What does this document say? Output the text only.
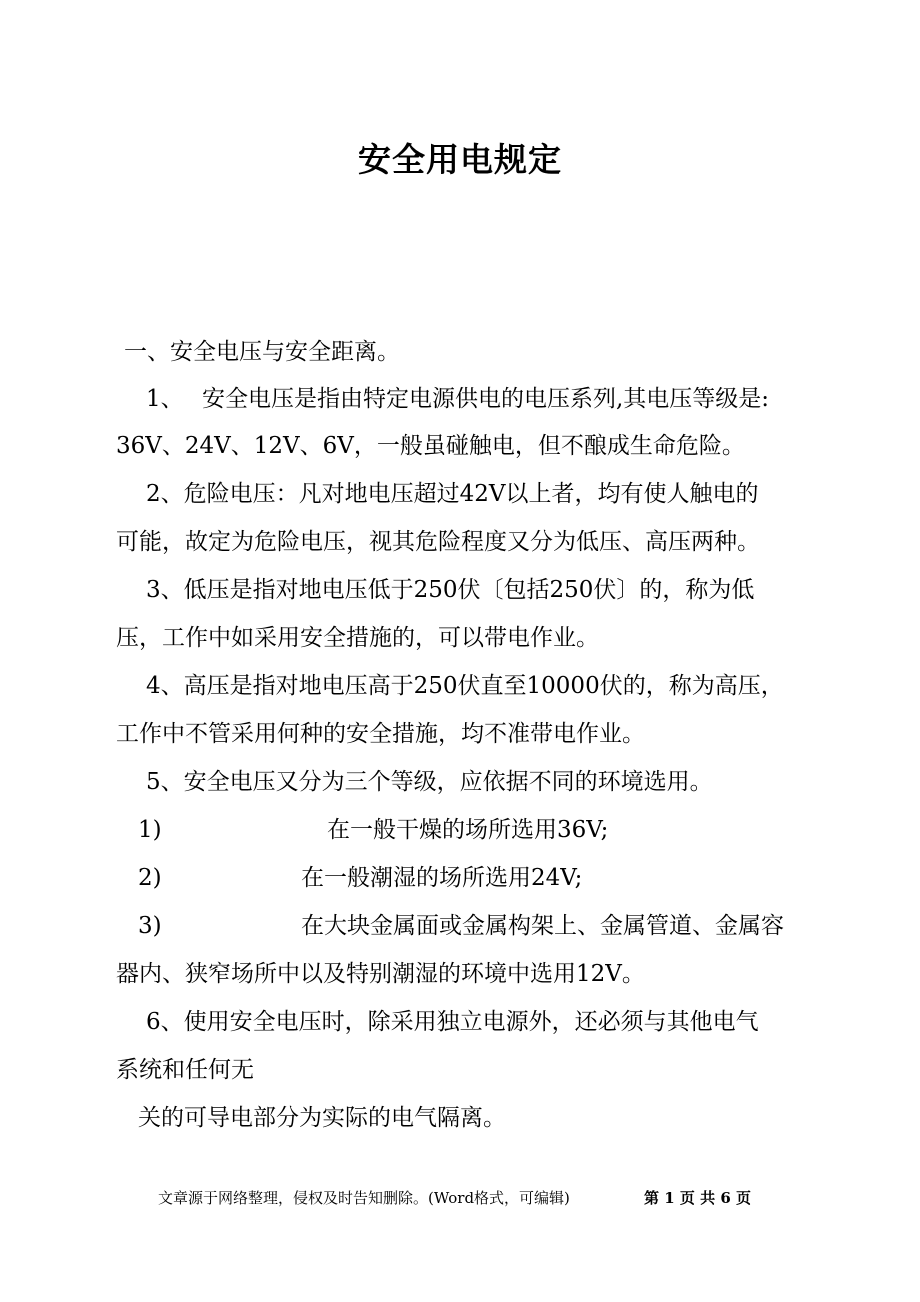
安全用电规定
一、安全电压与安全距离。
1、 安全电压是指由特定电源供电的电压系列,其电压等级是:
36V、24V、12V、6V，一般虽碰触电，但不酿成生命危险。
2、危险电压：凡对地电压超过42V以上者，均有使人触电的
可能，故定为危险电压，视其危险程度又分为低压、高压两种。
3、低压是指对地电压低于250伏〔包括250伏〕的，称为低
压，工作中如采用安全措施的，可以带电作业。
4、高压是指对地电压高于250伏直至10000伏的，称为高压，
工作中不管采用何种的安全措施，均不准带电作业。
5、安全电压又分为三个等级，应依据不同的环境选用。
1)	在一般干燥的场所选用36V;
2)	在一般潮湿的场所选用24V;
3)	在大块金属面或金属构架上、金属管道、金属容
器内、狭窄场所中以及特别潮湿的环境中选用12V。
6、使用安全电压时，除采用独立电源外，还必须与其他电气
系统和任何无
关的可导电部分为实际的电气隔离。
文章源于网络整理，侵权及时告知删除。(Word格式，可编辑)	第 1 页 共 6 页
